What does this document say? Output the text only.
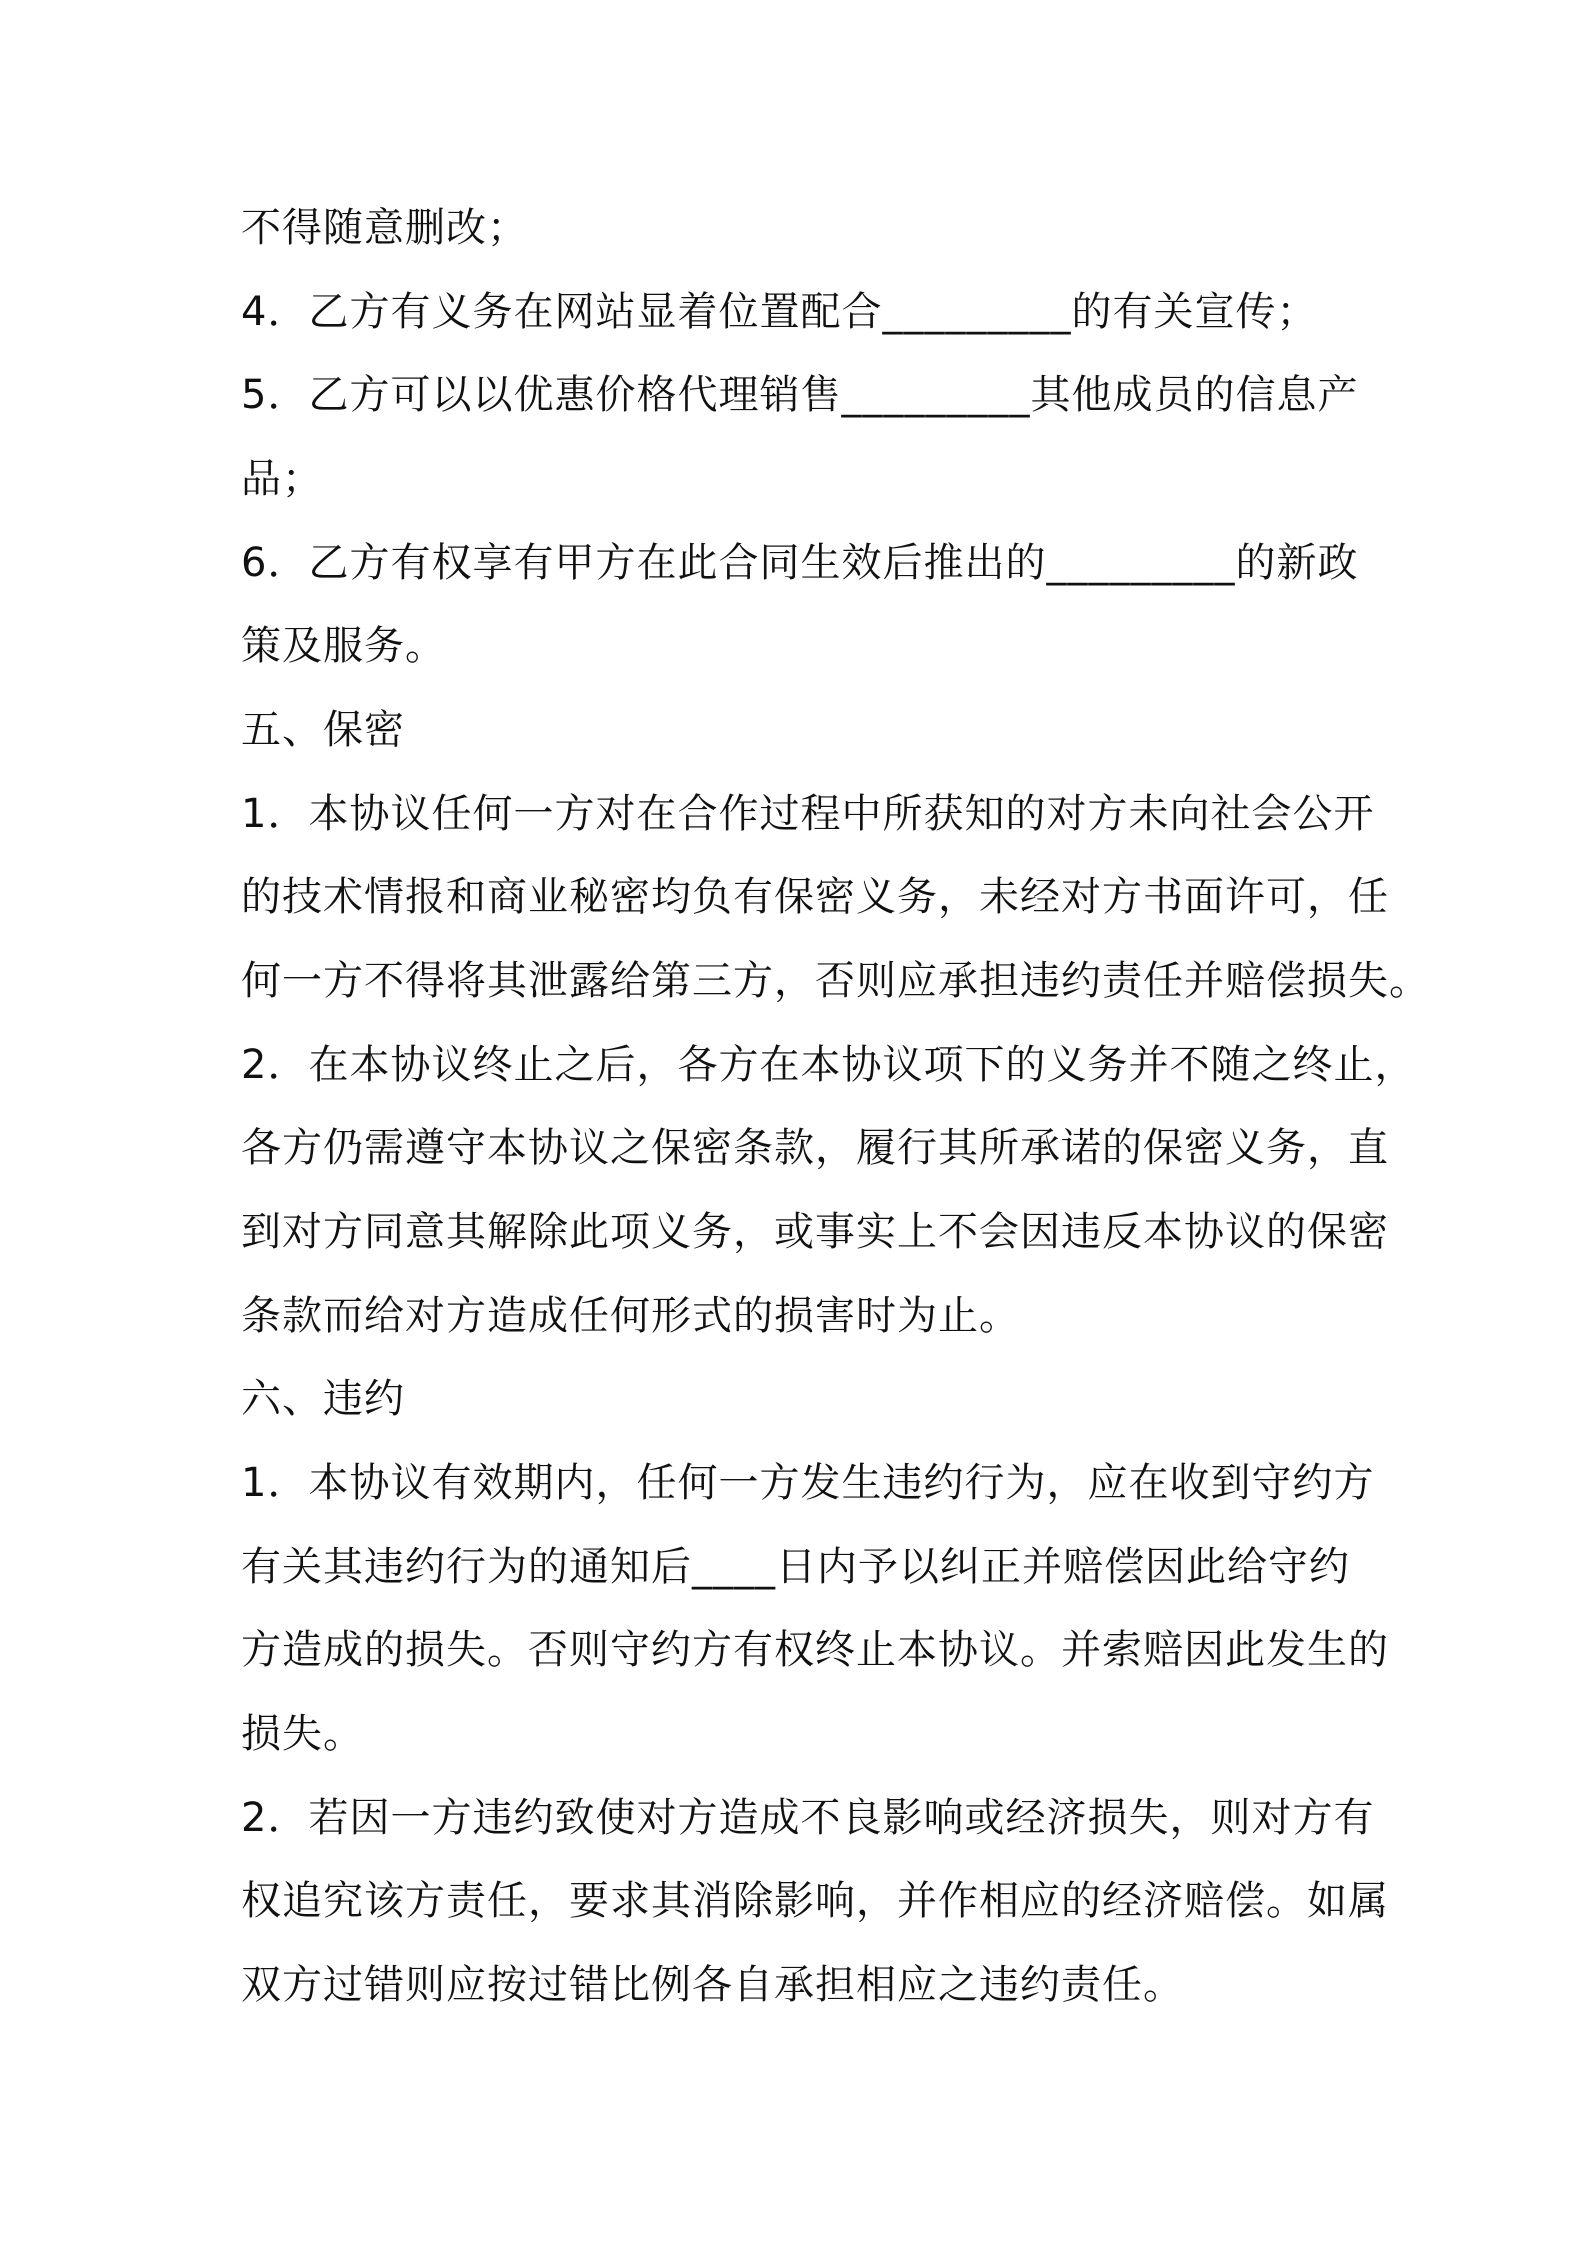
不得随意删改；
4．乙方有义务在网站显着位置配合_________的有关宣传；
5．乙方可以以优惠价格代理销售_________其他成员的信息产
品；
6．乙方有权享有甲方在此合同生效后推出的_________的新政
策及服务。
五、保密
1．本协议任何一方对在合作过程中所获知的对方未向社会公开
的技术情报和商业秘密均负有保密义务，未经对方书面许可，任
何一方不得将其泄露给第三方，否则应承担违约责任并赔偿损失。
2．在本协议终止之后，各方在本协议项下的义务并不随之终止，
各方仍需遵守本协议之保密条款，履行其所承诺的保密义务，直
到对方同意其解除此项义务，或事实上不会因违反本协议的保密
条款而给对方造成任何形式的损害时为止。
六、违约
1．本协议有效期内，任何一方发生违约行为，应在收到守约方
有关其违约行为的通知后____日内予以纠正并赔偿因此给守约
方造成的损失。否则守约方有权终止本协议。并索赔因此发生的
损失。
2．若因一方违约致使对方造成不良影响或经济损失，则对方有
权追究该方责任，要求其消除影响，并作相应的经济赔偿。如属
双方过错则应按过错比例各自承担相应之违约责任。
